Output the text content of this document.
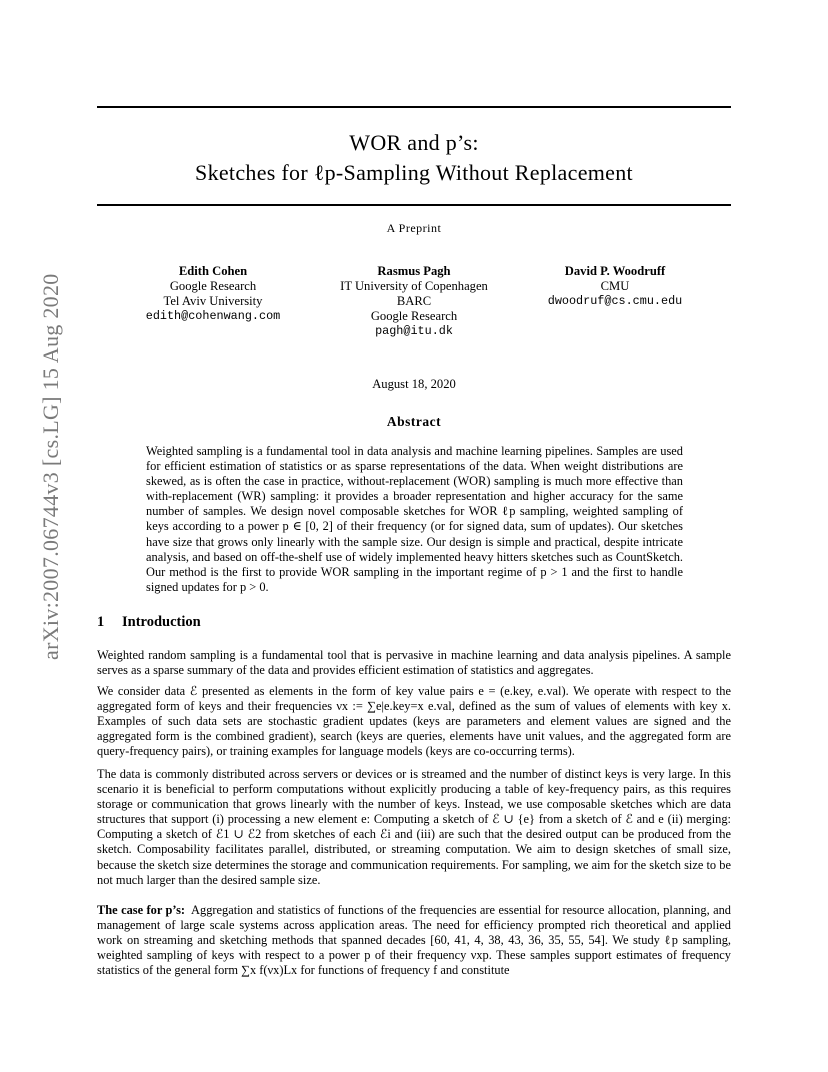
arXiv:2007.06744v3 [cs.LG] 15 Aug 2020
WOR and p’s:
Sketches for ℓp-Sampling Without Replacement
A Preprint
Edith Cohen
Google Research
Tel Aviv University
edith@cohenwang.com
Rasmus Pagh
IT University of Copenhagen
BARC
Google Research
pagh@itu.dk
David P. Woodruff
CMU
dwoodruf@cs.cmu.edu
August 18, 2020
Abstract
Weighted sampling is a fundamental tool in data analysis and machine learning pipelines. Samples are used for efficient estimation of statistics or as sparse representations of the data. When weight distributions are skewed, as is often the case in practice, without-replacement (WOR) sampling is much more effective than with-replacement (WR) sampling: it provides a broader representation and higher accuracy for the same number of samples. We design novel composable sketches for WOR ℓp sampling, weighted sampling of keys according to a power p ∈ [0, 2] of their frequency (or for signed data, sum of updates). Our sketches have size that grows only linearly with the sample size. Our design is simple and practical, despite intricate analysis, and based on off-the-shelf use of widely implemented heavy hitters sketches such as CountSketch. Our method is the first to provide WOR sampling in the important regime of p > 1 and the first to handle signed updates for p > 0.
1 Introduction
Weighted random sampling is a fundamental tool that is pervasive in machine learning and data analysis pipelines. A sample serves as a sparse summary of the data and provides efficient estimation of statistics and aggregates.
We consider data ℰ presented as elements in the form of key value pairs e = (e.key, e.val). We operate with respect to the aggregated form of keys and their frequencies νx := ∑e|e.key=x e.val, defined as the sum of values of elements with key x. Examples of such data sets are stochastic gradient updates (keys are parameters and element values are signed and the aggregated form is the combined gradient), search (keys are queries, elements have unit values, and the aggregated form are query-frequency pairs), or training examples for language models (keys are co-occurring terms).
The data is commonly distributed across servers or devices or is streamed and the number of distinct keys is very large. In this scenario it is beneficial to perform computations without explicitly producing a table of key-frequency pairs, as this requires storage or communication that grows linearly with the number of keys. Instead, we use composable sketches which are data structures that support (i) processing a new element e: Computing a sketch of ℰ ∪ {e} from a sketch of ℰ and e (ii) merging: Computing a sketch of ℰ1 ∪ ℰ2 from sketches of each ℰi and (iii) are such that the desired output can be produced from the sketch. Composability facilitates parallel, distributed, or streaming computation. We aim to design sketches of small size, because the sketch size determines the storage and communication requirements. For sampling, we aim for the sketch size to be not much larger than the desired sample size.
The case for p’s: Aggregation and statistics of functions of the frequencies are essential for resource allocation, planning, and management of large scale systems across application areas. The need for efficiency prompted rich theoretical and applied work on streaming and sketching methods that spanned decades [60, 41, 4, 38, 43, 36, 35, 55, 54]. We study ℓp sampling, weighted sampling of keys with respect to a power p of their frequency νxp. These samples support estimates of frequency statistics of the general form ∑x f(νx)Lx for functions of frequency f and constitute
